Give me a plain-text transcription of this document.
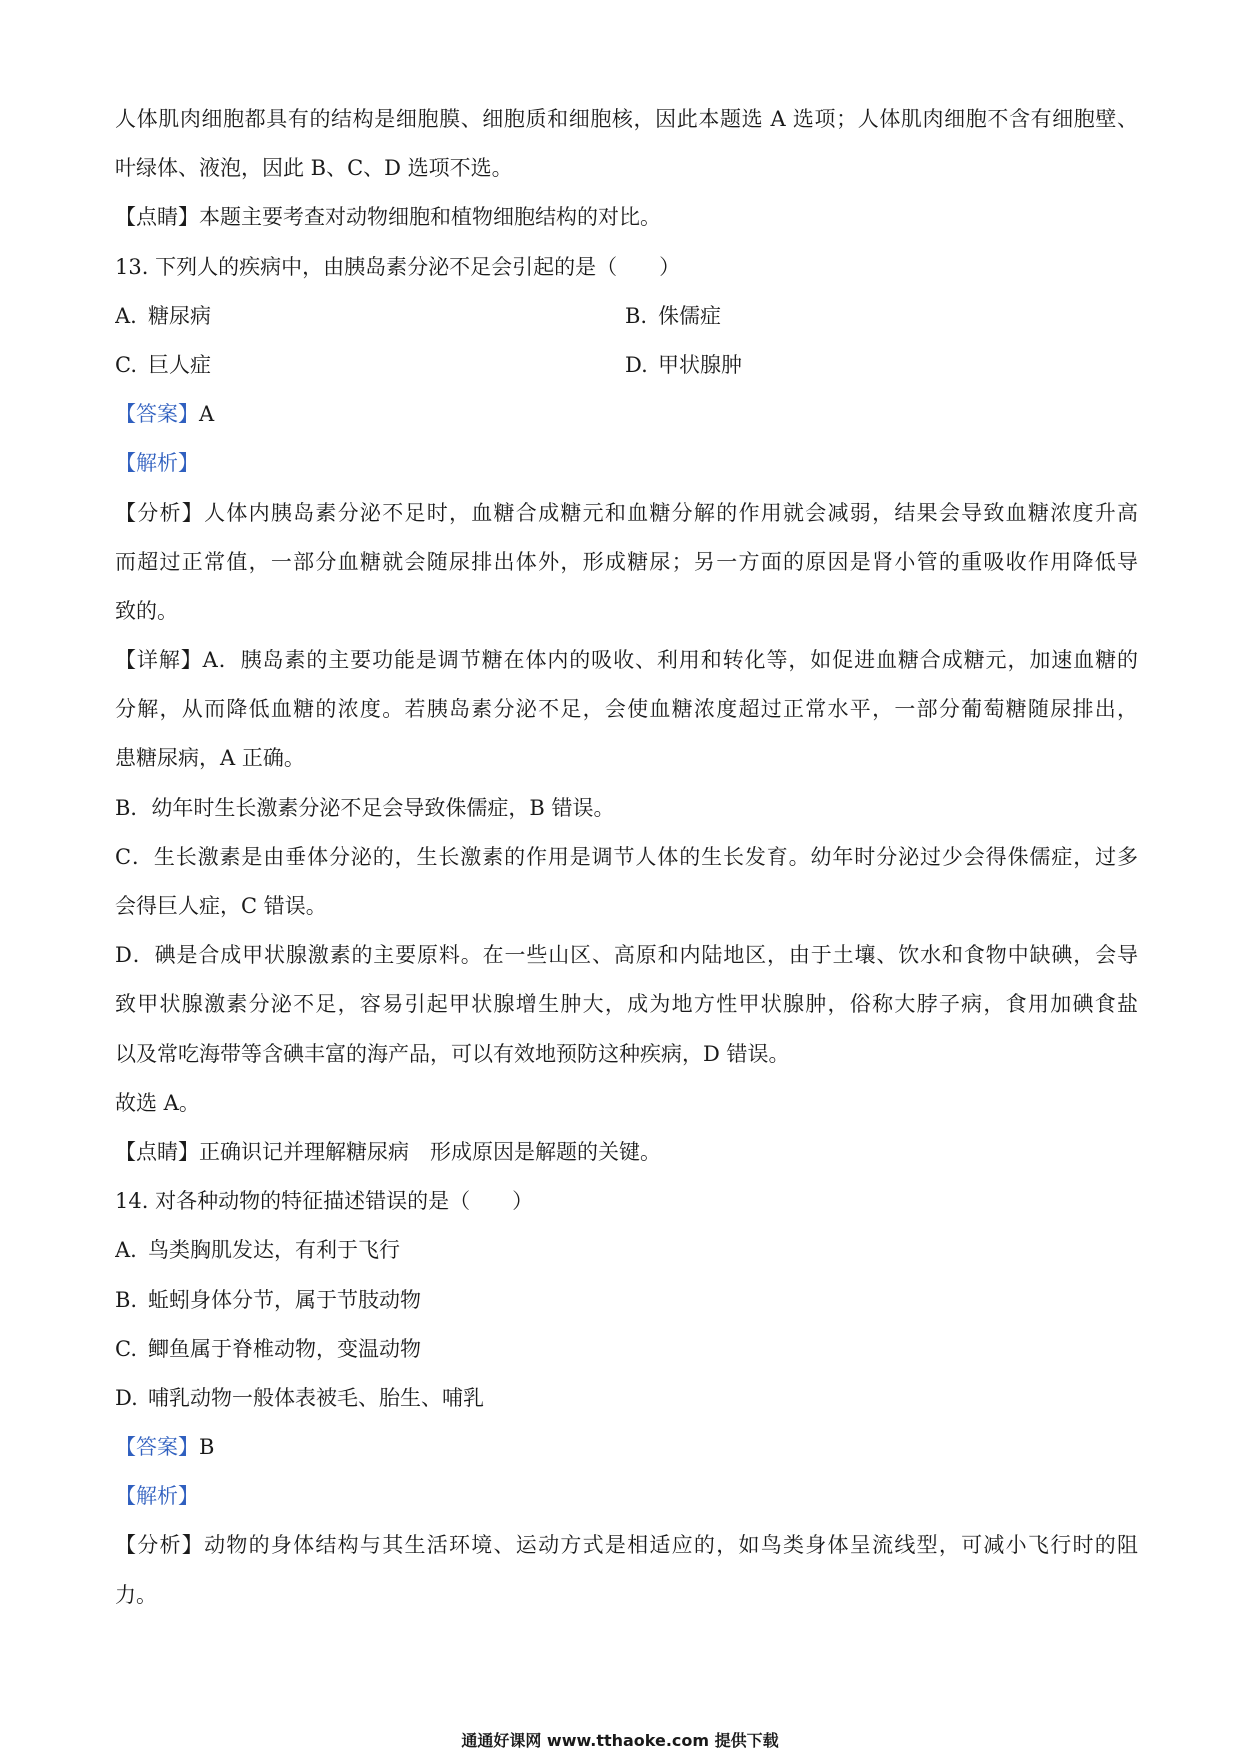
人体肌肉细胞都具有的结构是细胞膜、细胞质和细胞核，因此本题选 A 选项；人体肌肉细胞不含有细胞壁、
叶绿体、液泡，因此 B、C、D 选项不选。
【点睛】本题主要考查对动物细胞和植物细胞结构的对比。
13. 下列人的疾病中，由胰岛素分泌不足会引起的是（　　）
A. 糖尿病	B. 侏儒症
C. 巨人症	D. 甲状腺肿
【答案】A
【解析】
【分析】人体内胰岛素分泌不足时，血糖合成糖元和血糖分解的作用就会减弱，结果会导致血糖浓度升高
而超过正常值，一部分血糖就会随尿排出体外，形成糖尿；另一方面的原因是肾小管的重吸收作用降低导
致的。
【详解】A．胰岛素的主要功能是调节糖在体内的吸收、利用和转化等，如促进血糖合成糖元，加速血糖的
分解，从而降低血糖的浓度。若胰岛素分泌不足，会使血糖浓度超过正常水平，一部分葡萄糖随尿排出，
患糖尿病，A 正确。
B．幼年时生长激素分泌不足会导致侏儒症，B 错误。
C．生长激素是由垂体分泌的，生长激素的作用是调节人体的生长发育。幼年时分泌过少会得侏儒症，过多
会得巨人症，C 错误。
D．碘是合成甲状腺激素的主要原料。在一些山区、高原和内陆地区，由于土壤、饮水和食物中缺碘，会导
致甲状腺激素分泌不足，容易引起甲状腺增生肿大，成为地方性甲状腺肿，俗称大脖子病，食用加碘食盐
以及常吃海带等含碘丰富的海产品，可以有效地预防这种疾病，D 错误。
故选 A。
【点睛】正确识记并理解糖尿病　形成原因是解题的关键。
14. 对各种动物的特征描述错误的是（　　）
A. 鸟类胸肌发达，有利于飞行
B. 蚯蚓身体分节，属于节肢动物
C. 鲫鱼属于脊椎动物，变温动物
D. 哺乳动物一般体表被毛、胎生、哺乳
【答案】B
【解析】
【分析】动物的身体结构与其生活环境、运动方式是相适应的，如鸟类身体呈流线型，可减小飞行时的阻
力。
通通好课网 www.tthaoke.com 提供下载
